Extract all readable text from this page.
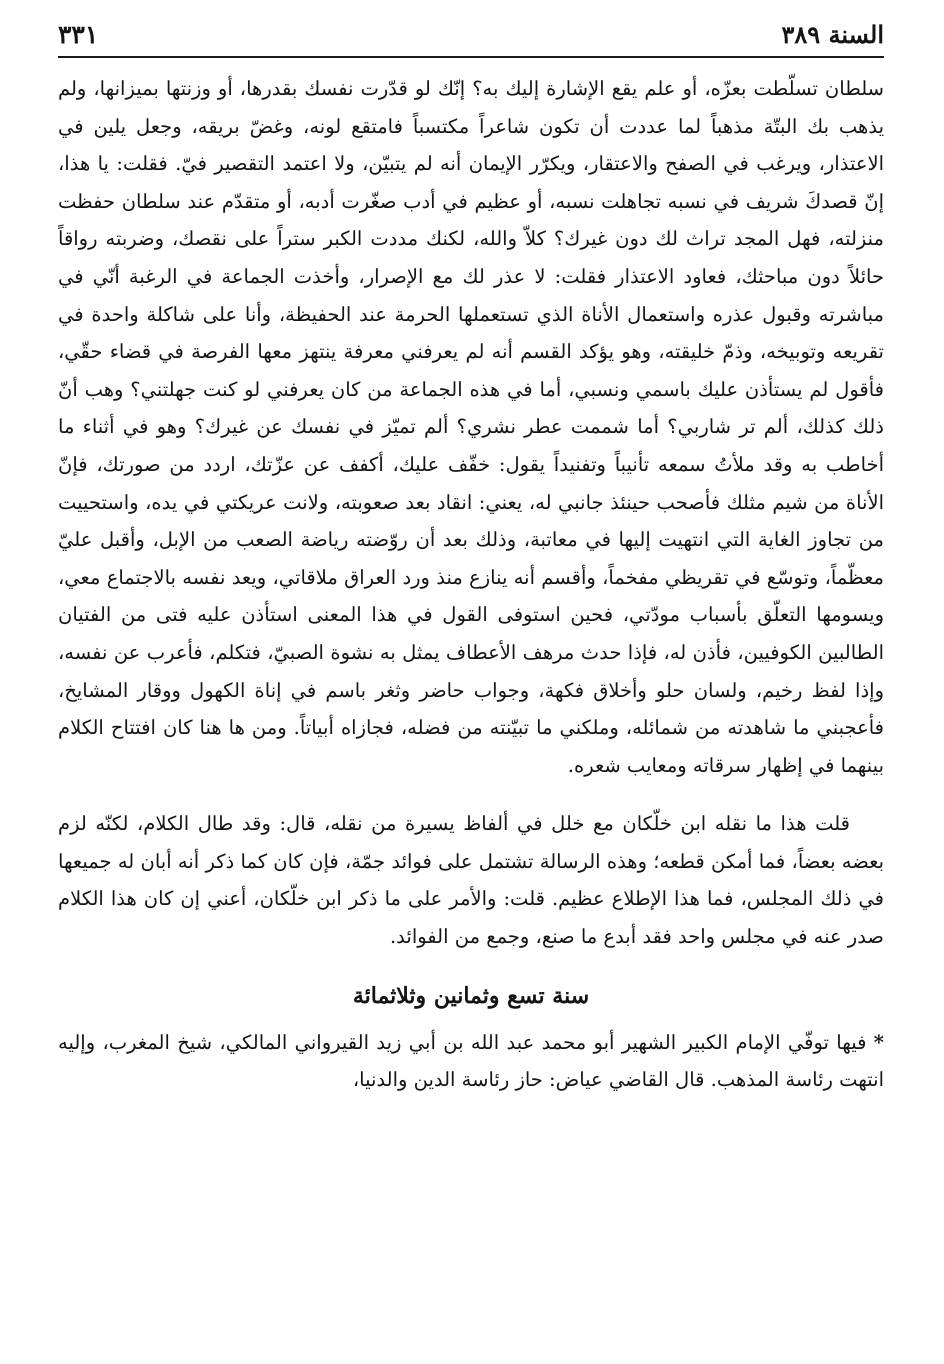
السنة ٣٨٩
٣٣١

سلطان تسلّطت بعزّه، أو علم يقع الإشارة إليك به؟ إنّك لو قدّرت نفسك بقدرها، أو وزنتها بميزانها، ولم يذهب بك البتّة مذهباً لما عددت أن تكون شاعراً مكتسباً فامتقع لونه، وغضّ بريقه، وجعل يلين في الاعتذار، ويرغب في الصفح والاعتقار، ويكرّر الإيمان أنه لم يتبيّن، ولا اعتمد التقصير فيّ. فقلت: يا هذا، إنّ قصدكَ شريف في نسبه تجاهلت نسبه، أو عظيم في أدب صغّرت أدبه، أو متقدّم عند سلطان حفظت منزلته، فهل المجد تراث لك دون غيرك؟ كلاّ والله، لكنك مددت الكبر ستراً على نقصك، وضربته رواقاً حائلاً دون مباحثك، فعاود الاعتذار فقلت: لا عذر لك مع الإصرار، وأخذت الجماعة في الرغبة أنّي في مباشرته وقبول عذره واستعمال الأناة الذي تستعملها الحرمة عند الحفيظة، وأنا على شاكلة واحدة في تقريعه وتوبيخه، وذمّ خليقته، وهو يؤكد القسم أنه لم يعرفني معرفة ينتهز معها الفرصة في قضاء حقّي، فأقول لم يستأذن عليك باسمي ونسبي، أما في هذه الجماعة من كان يعرفني لو كنت جهلتني؟ وهب أنّ ذلك كذلك، ألم تر شاربي؟ أما شممت عطر نشري؟ ألم تميّز في نفسك عن غيرك؟ وهو في أثناء ما أخاطب به وقد ملأتُ سمعه تأنيباً وتفنيداً يقول: خفّف عليك، أكفف عن عزّتك، اردد من صورتك، فإنّ الأناة من شيم مثلك فأصحب حينئذ جانبي له، يعني: انقاد بعد صعوبته، ولانت عريكتي في يده، واستحييت من تجاوز الغاية التي انتهيت إليها في معاتبة، وذلك بعد أن روّضته رياضة الصعب من الإبل، وأقبل عليّ معظّماً، وتوسّع في تقريظي مفخماً، وأقسم أنه ينازع منذ ورد العراق ملاقاتي، ويعد نفسه بالاجتماع معي، ويسومها التعلّق بأسباب مودّتي، فحين استوفى القول في هذا المعنى استأذن عليه فتى من الفتيان الطالبين الكوفيين، فأذن له، فإذا حدث مرهف الأعطاف يمثل به نشوة الصبيّ، فتكلم، فأعرب عن نفسه، وإذا لفظ رخيم، ولسان حلو وأخلاق فكهة، وجواب حاضر وثغر باسم في إناة الكهول ووقار المشايخ، فأعجبني ما شاهدته من شمائله، وملكني ما تبيّنته من فضله، فجازاه أبياتاً. ومن ها هنا كان افتتاح الكلام بينهما في إظهار سرقاته ومعايب شعره.

قلت هذا ما نقله ابن خلّكان مع خلل في ألفاظ يسيرة من نقله، قال: وقد طال الكلام، لكنّه لزم بعضه بعضاً، فما أمكن قطعه؛ وهذه الرسالة تشتمل على فوائد جمّة، فإن كان كما ذكر أنه أبان له جميعها في ذلك المجلس، فما هذا الإطلاع عظيم. قلت: والأمر على ما ذكر ابن خلّكان، أعني إن كان هذا الكلام صدر عنه في مجلس واحد فقد أبدع ما صنع، وجمع من الفوائد.

سنة تسع وثمانين وثلاثمائة

* فيها توفّي الإمام الكبير الشهير أبو محمد عبد الله بن أبي زيد القيرواني المالكي، شيخ المغرب، وإليه انتهت رئاسة المذهب. قال القاضي عياض: حاز رئاسة الدين والدنيا،
